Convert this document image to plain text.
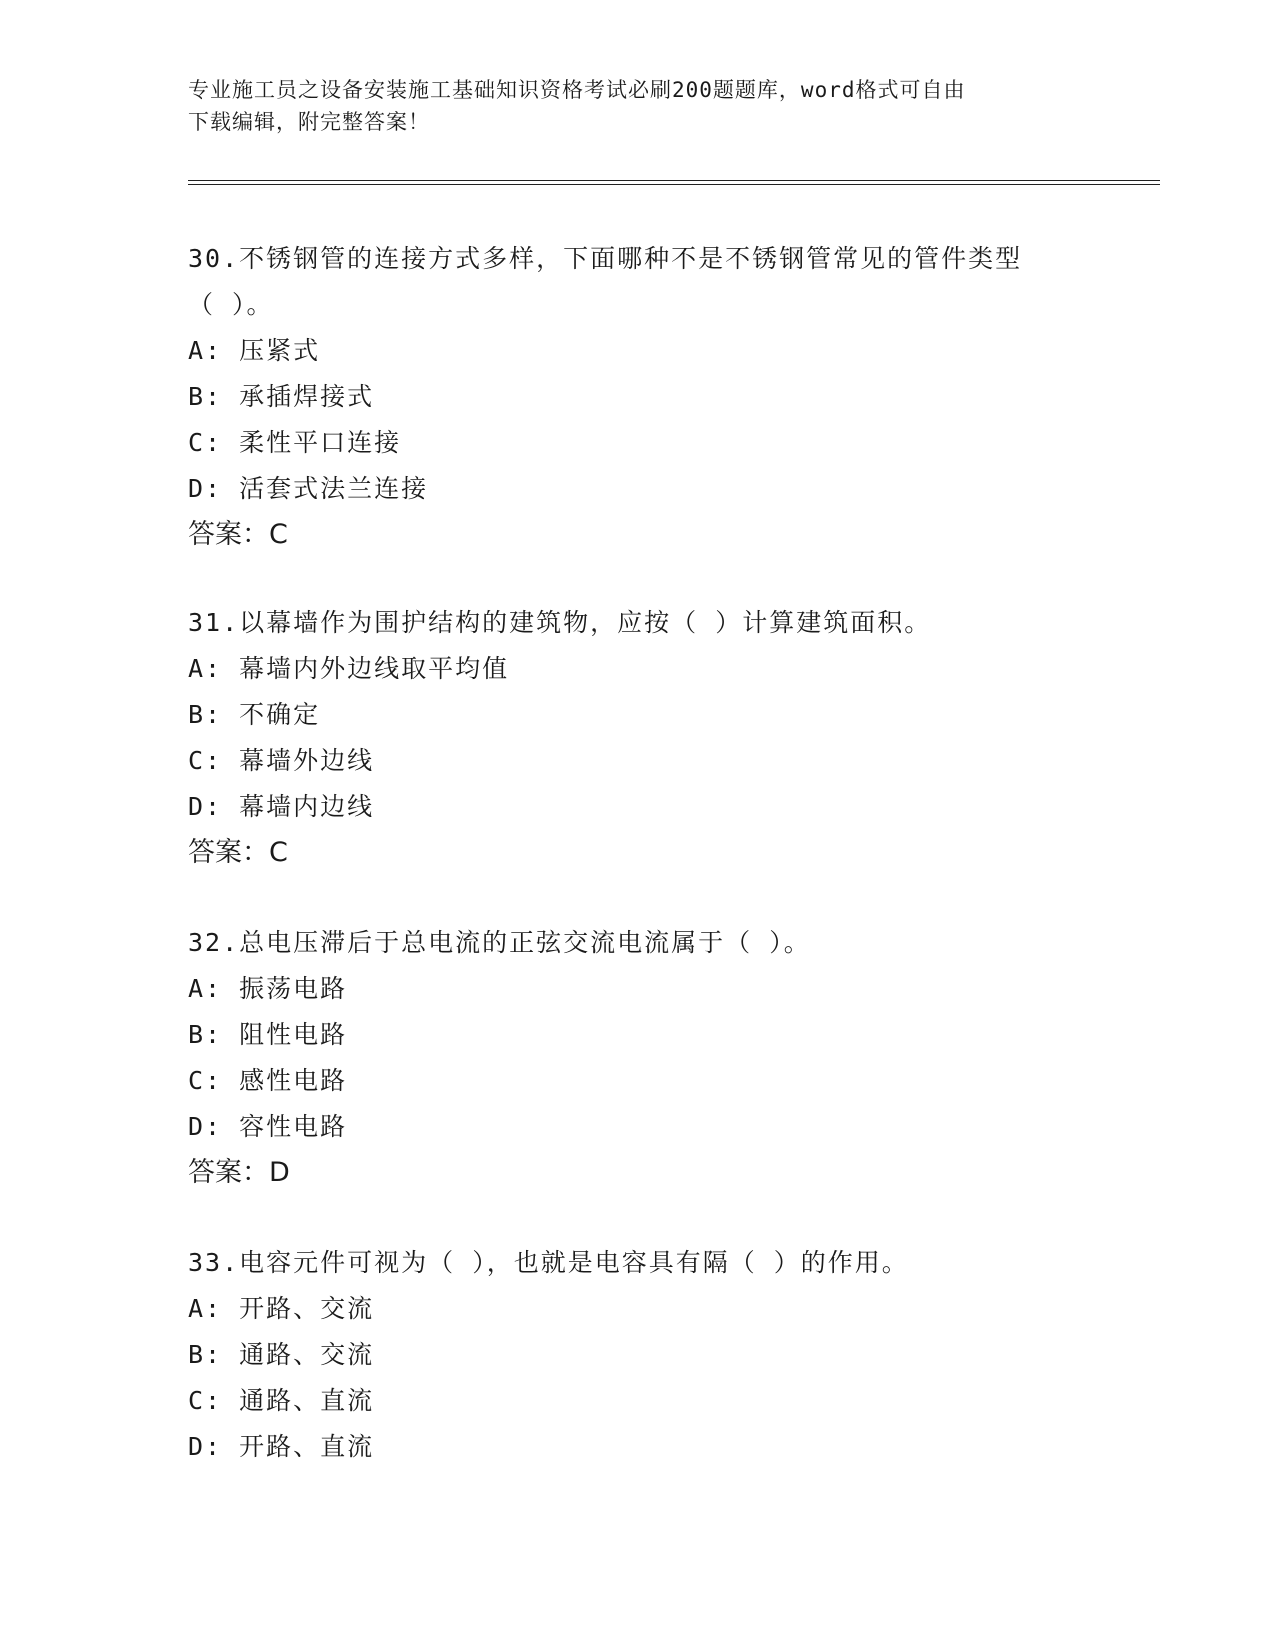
专业施工员之设备安装施工基础知识资格考试必刷200题题库，word格式可自由
下载编辑，附完整答案！

30.不锈钢管的连接方式多样，下面哪种不是不锈钢管常见的管件类型

（ ）。

A: 压紧式

B: 承插焊接式

C: 柔性平口连接

D: 活套式法兰连接

答案：C

31.以幕墙作为围护结构的建筑物，应按（ ）计算建筑面积。

A: 幕墙内外边线取平均值

B: 不确定

C: 幕墙外边线

D: 幕墙内边线

答案：C

32.总电压滞后于总电流的正弦交流电流属于（ ）。

A: 振荡电路

B: 阻性电路

C: 感性电路

D: 容性电路

答案：D

33.电容元件可视为（ ），也就是电容具有隔（ ）的作用。

A: 开路、交流

B: 通路、交流

C: 通路、直流

D: 开路、直流
